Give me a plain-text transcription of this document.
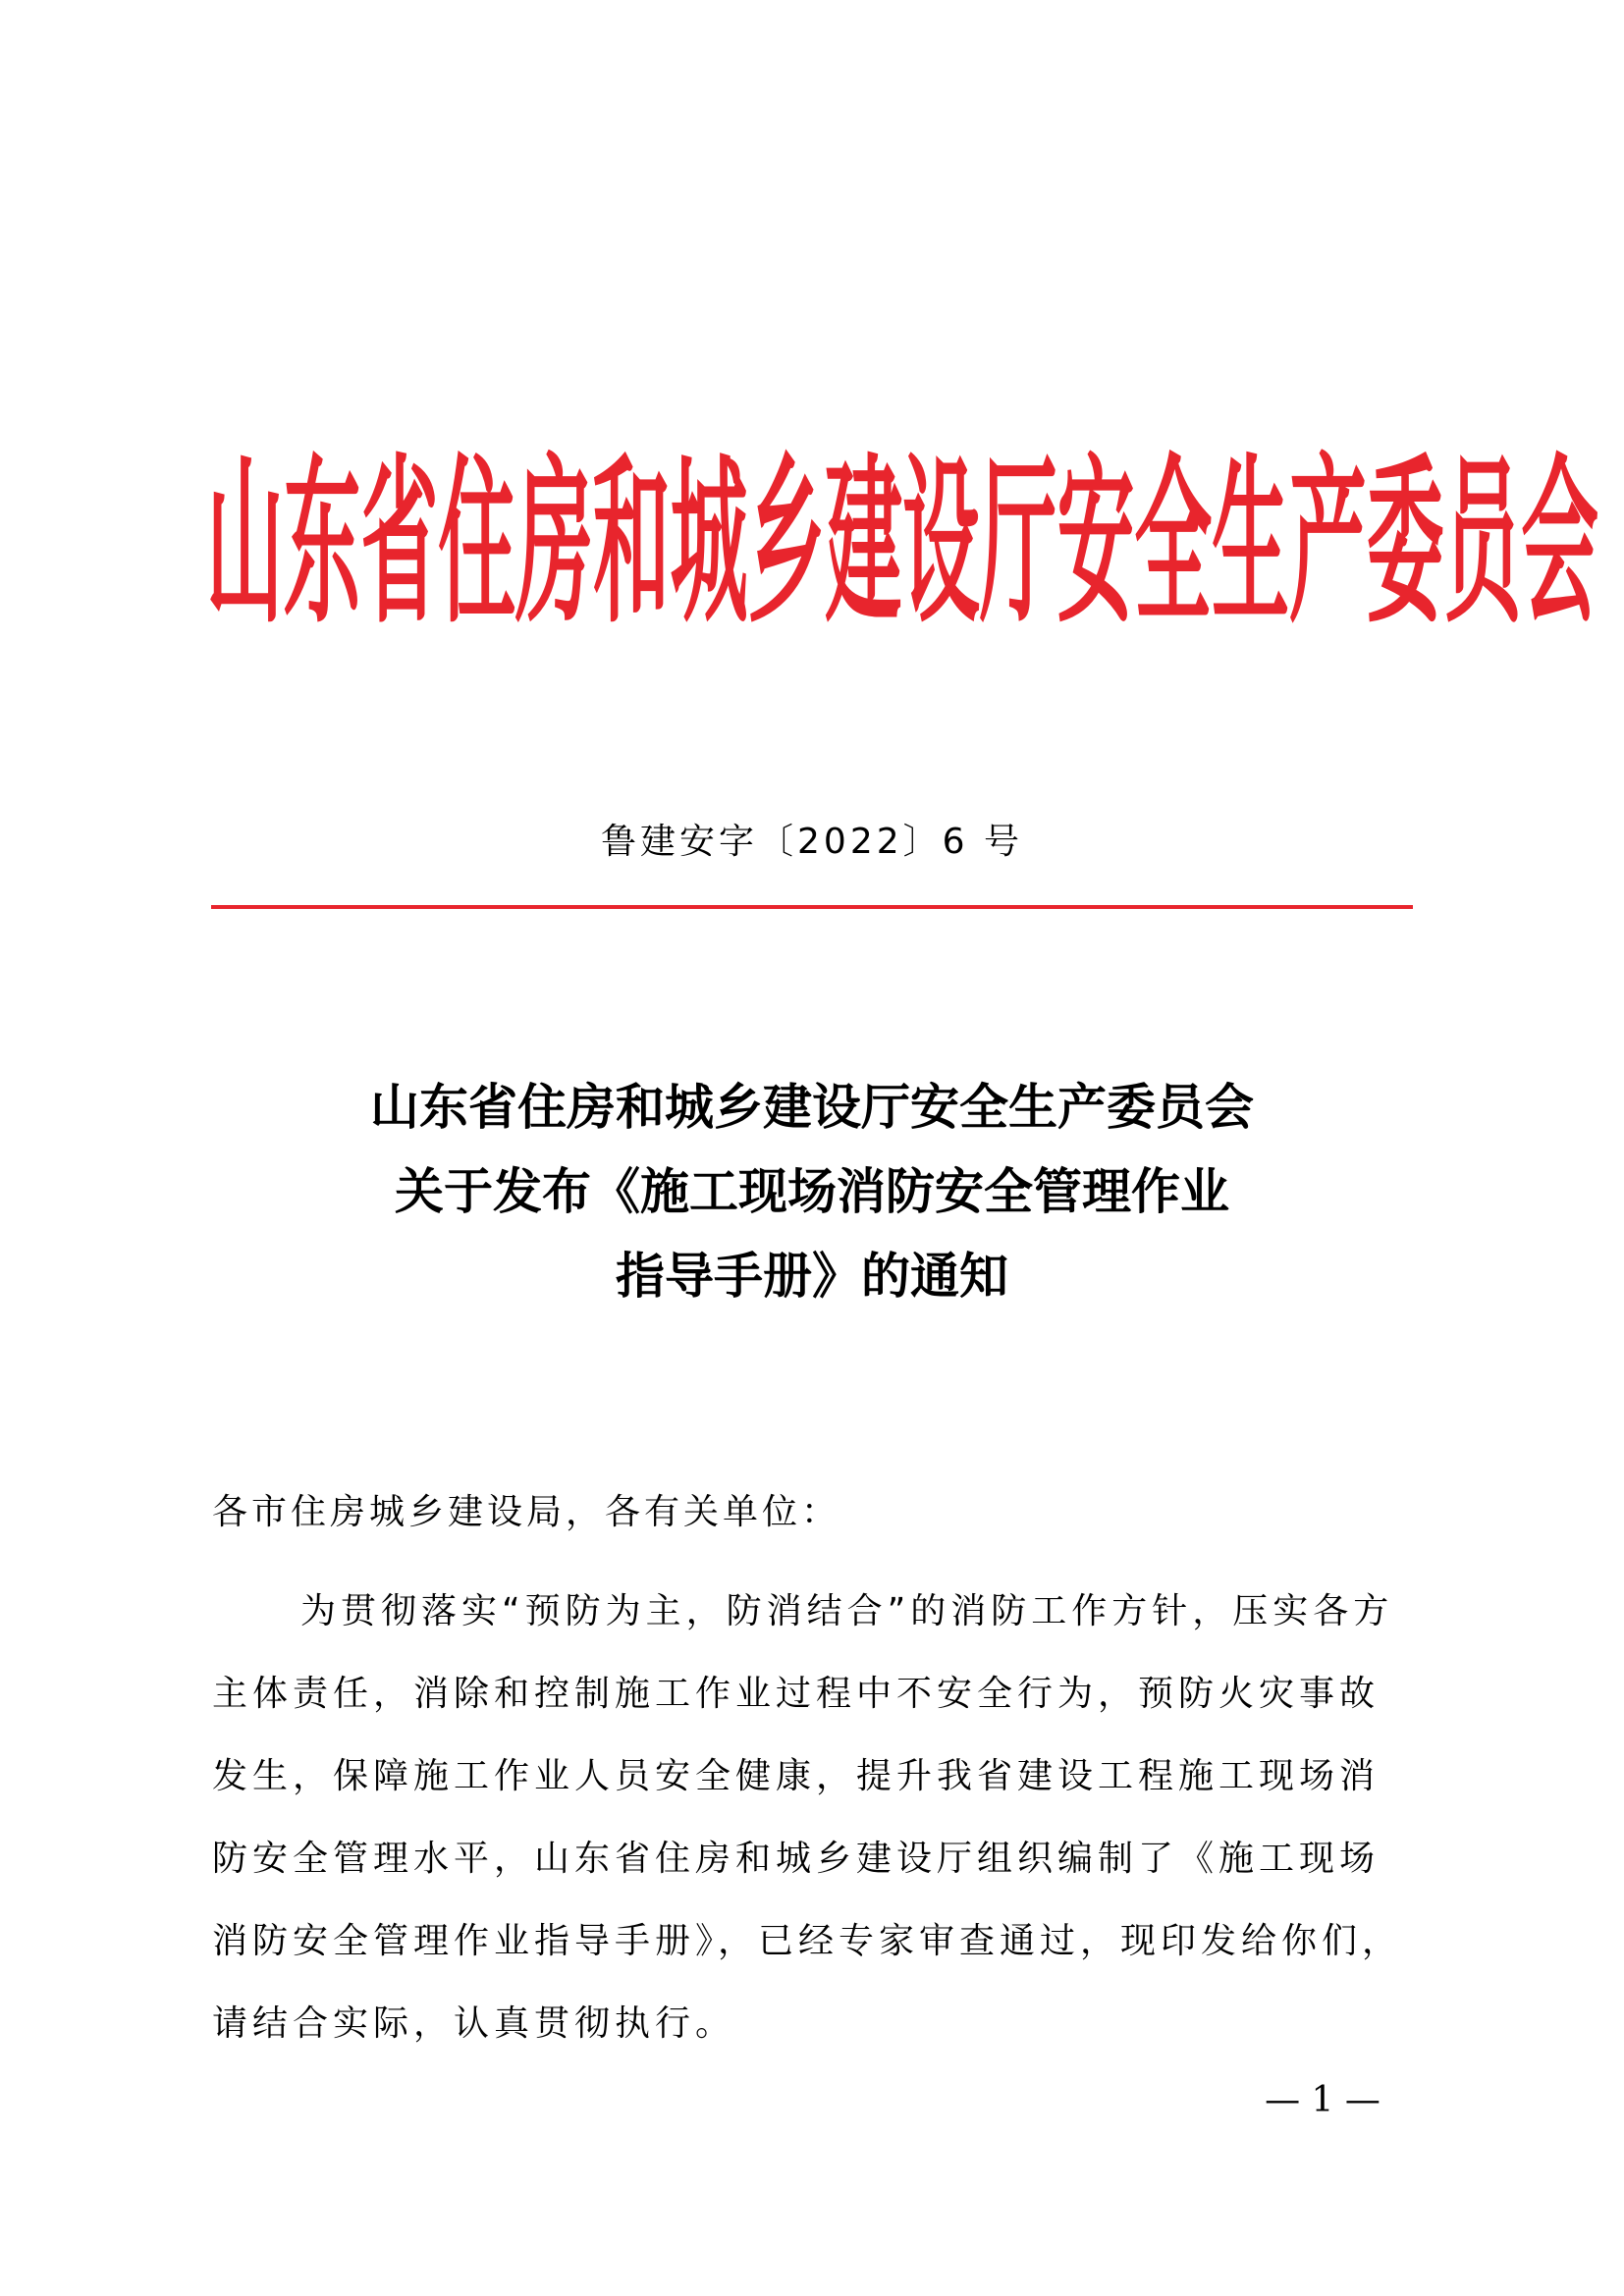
山东省住房和城乡建设厅安全生产委员会
鲁建安字〔2022〕6 号
山东省住房和城乡建设厅安全生产委员会
关于发布《施工现场消防安全管理作业
指导手册》的通知
各市住房城乡建设局，各有关单位：
为贯彻落实“预防为主，防消结合”的消防工作方针，压实各方
主体责任，消除和控制施工作业过程中不安全行为，预防火灾事故
发生，保障施工作业人员安全健康，提升我省建设工程施工现场消
防安全管理水平，山东省住房和城乡建设厅组织编制了《施工现场
消防安全管理作业指导手册》，已经专家审查通过，现印发给你们，
请结合实际，认真贯彻执行。
— 1 —
